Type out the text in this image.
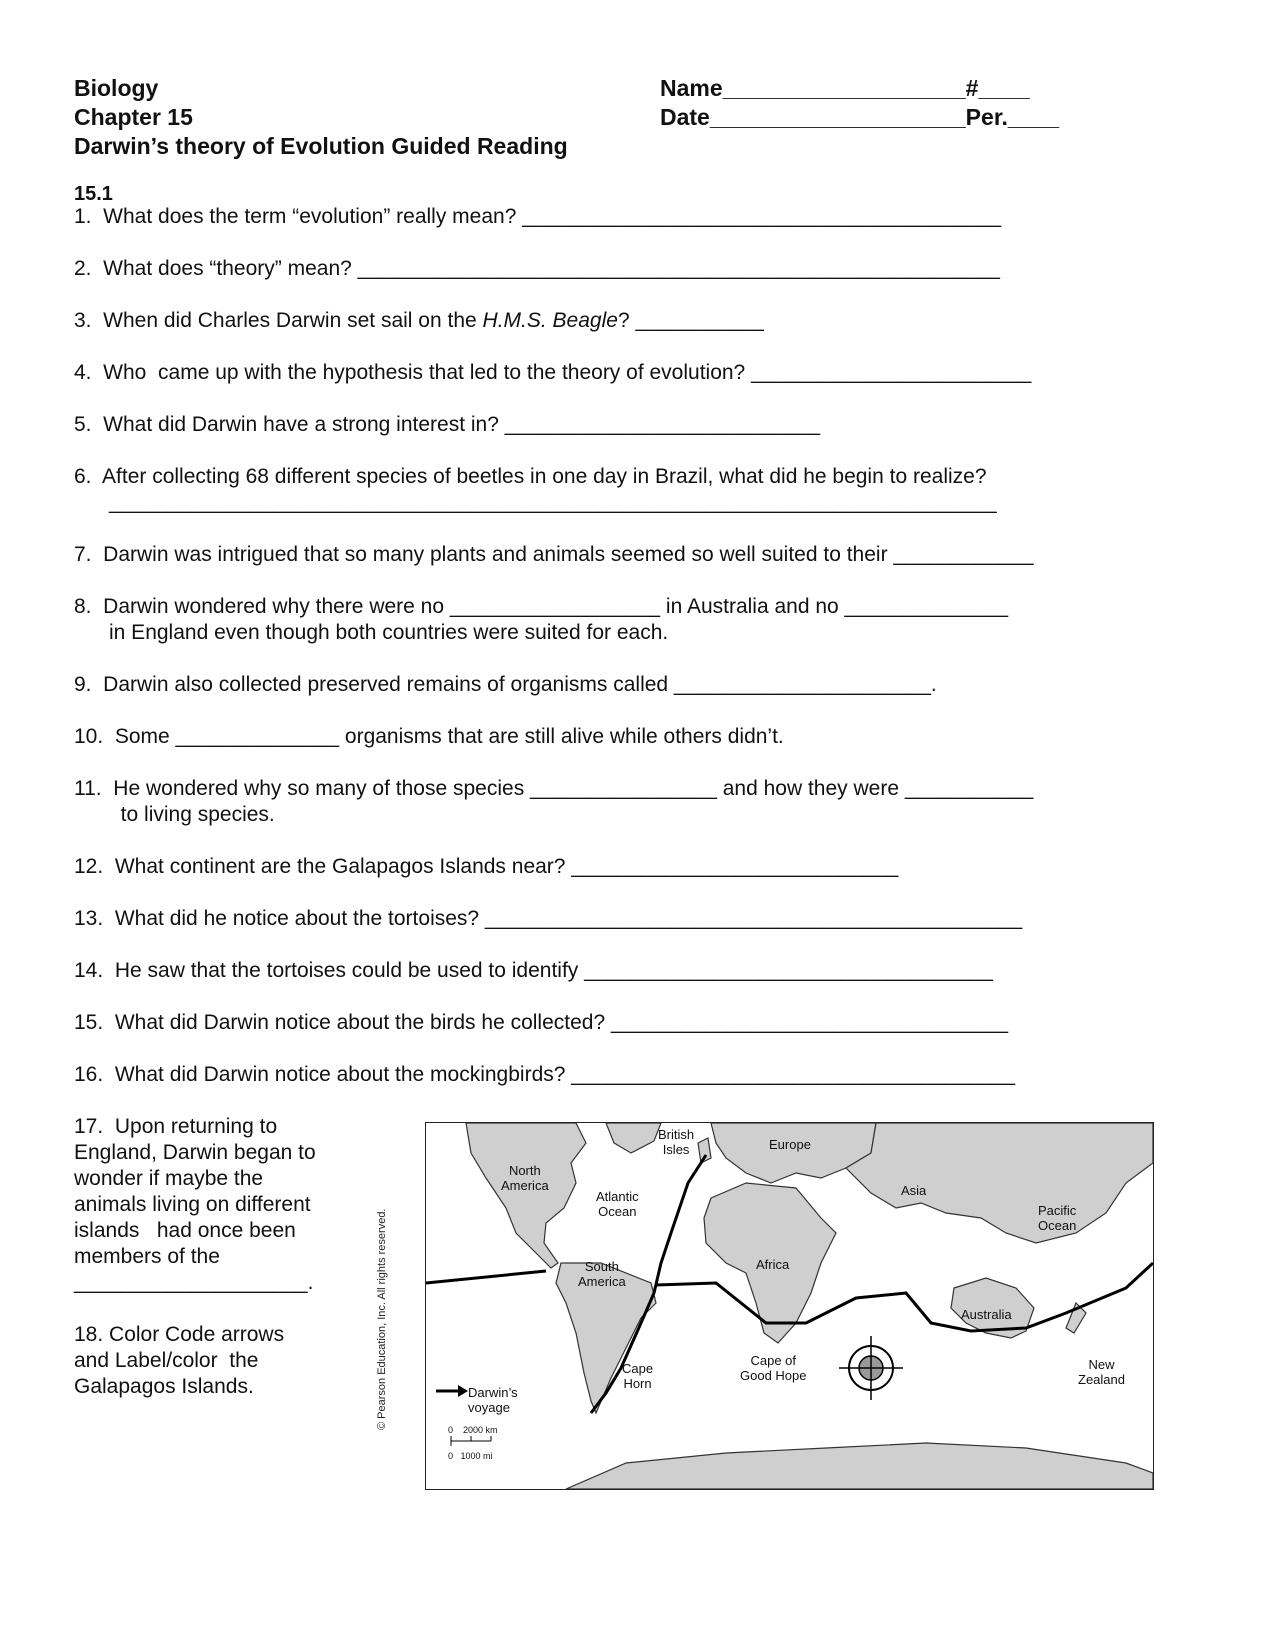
Biology
Chapter 15
Darwin’s theory of Evolution Guided Reading
Name___________________#____
Date____________________Per.____
15.1
1.  What does the term “evolution” really mean? _________________________________________
2.  What does “theory” mean? _______________________________________________________
3.  When did Charles Darwin set sail on the H.M.S. Beagle? ___________
4.  Who  came up with the hypothesis that led to the theory of evolution? ________________________
5.  What did Darwin have a strong interest in? ___________________________
6.  After collecting 68 different species of beetles in one day in Brazil, what did he begin to realize?
____________________________________________________________________________
7.  Darwin was intrigued that so many plants and animals seemed so well suited to their ____________
8.  Darwin wondered why there were no __________________ in Australia and no ______________
in England even though both countries were suited for each.
9.  Darwin also collected preserved remains of organisms called ______________________.
10.  Some ______________ organisms that are still alive while others didn’t.
11.  He wondered why so many of those species ________________ and how they were ___________
to living species.
12.  What continent are the Galapagos Islands near? ____________________________
13.  What did he notice about the tortoises? ______________________________________________
14.  He saw that the tortoises could be used to identify ___________________________________
15.  What did Darwin notice about the birds he collected? __________________________________
16.  What did Darwin notice about the mockingbirds? ______________________________________
17.  Upon returning to
England, Darwin began to
wonder if maybe the
animals living on different
islands   had once been
members of the
____________________.
18. Color Code arrows
and Label/color  the
Galapagos Islands.	© Pearson Education, Inc. All rights reserved.
British
Isles	Europe
North
America
Atlantic
Ocean
Asia
Pacific
Ocean
Africa
South
America
Australia
Cape
Horn
Cape of
Good Hope
New
Zealand
Darwin’s
voyage
0    2000 km
0   1000 mi
